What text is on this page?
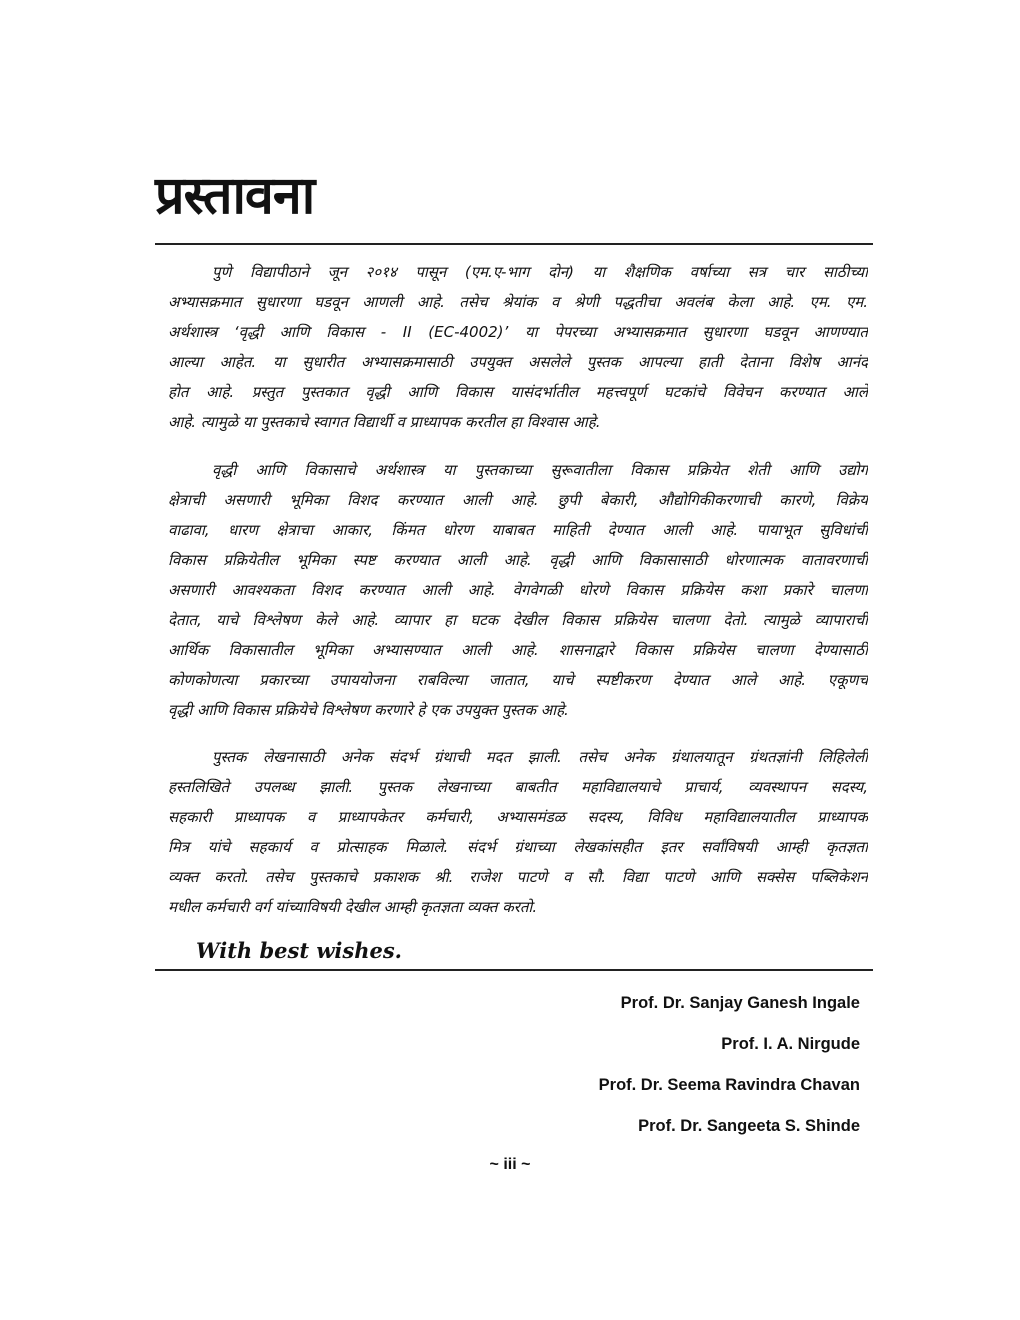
प्रस्तावना
पुणे विद्यापीठाने जून २०१४ पासून (एम.ए-भाग दोन) या शैक्षणिक वर्षाच्या सत्र चार साठीच्या
अभ्यासक्रमात सुधारणा घडवून आणली आहे. तसेच श्रेयांक व श्रेणी पद्धतीचा अवलंब केला आहे. एम. एम.
अर्थशास्त्र ‘वृद्धी आणि विकास - II (EC-4002)’ या पेपरच्या अभ्यासक्रमात सुधारणा घडवून आणण्यात
आल्या आहेत. या सुधारीत अभ्यासक्रमासाठी उपयुक्त असलेले पुस्तक आपल्या हाती देताना विशेष आनंद
होत आहे. प्रस्तुत पुस्तकात वृद्धी आणि विकास यासंदर्भातील महत्त्वपूर्ण घटकांचे विवेचन करण्यात आले
आहे. त्यामुळे या पुस्तकाचे स्वागत विद्यार्थी व प्राध्यापक करतील हा विश्वास आहे.
वृद्धी आणि विकासाचे अर्थशास्त्र या पुस्तकाच्या सुरूवातीला विकास प्रक्रियेत शेती आणि उद्योग
क्षेत्राची असणारी भूमिका विशद करण्यात आली आहे. छुपी बेकारी, औद्योगिकीकरणाची कारणे, विक्रेय
वाढावा, धारण क्षेत्राचा आकार, किंमत धोरण याबाबत माहिती देण्यात आली आहे. पायाभूत सुविधांची
विकास प्रक्रियेतील भूमिका स्पष्ट करण्यात आली आहे. वृद्धी आणि विकासासाठी धोरणात्मक वातावरणाची
असणारी आवश्यकता विशद करण्यात आली आहे. वेगवेगळी धोरणे विकास प्रक्रियेस कशा प्रकारे चालणा
देतात, याचे विश्लेषण केले आहे. व्यापार हा घटक देखील विकास प्रक्रियेस चालणा देतो. त्यामुळे व्यापाराची
आर्थिक विकासातील भूमिका अभ्यासण्यात आली आहे. शासनाद्वारे विकास प्रक्रियेस चालणा देण्यासाठी
कोणकोणत्या प्रकारच्या उपाययोजना राबविल्या जातात, याचे स्पष्टीकरण देण्यात आले आहे. एकूणच
वृद्धी आणि विकास प्रक्रियेचे विश्लेषण करणारे हे एक उपयुक्त पुस्तक आहे.
पुस्तक लेखनासाठी अनेक संदर्भ ग्रंथाची मदत झाली. तसेच अनेक ग्रंथालयातून ग्रंथतज्ञांनी लिहिलेली
हस्तलिखिते उपलब्ध झाली. पुस्तक लेखनाच्या बाबतीत महाविद्यालयाचे प्राचार्य, व्यवस्थापन सदस्य,
सहकारी प्राध्यापक व प्राध्यापकेतर कर्मचारी, अभ्यासमंडळ सदस्य, विविध महाविद्यालयातील प्राध्यापक
मित्र यांचे सहकार्य व प्रोत्साहक मिळाले. संदर्भ ग्रंथाच्या लेखकांसहीत इतर सर्वांविषयी आम्ही कृतज्ञता
व्यक्त करतो. तसेच पुस्तकाचे प्रकाशक श्री. राजेश पाटणे व सौ. विद्या पाटणे आणि सक्सेस पब्लिकेशन
मधील कर्मचारी वर्ग यांच्याविषयी देखील आम्ही कृतज्ञता व्यक्त करतो.
With best wishes.
Prof. Dr. Sanjay Ganesh Ingale
Prof. I. A. Nirgude
Prof. Dr. Seema Ravindra Chavan
Prof. Dr. Sangeeta S. Shinde
~ iii ~
